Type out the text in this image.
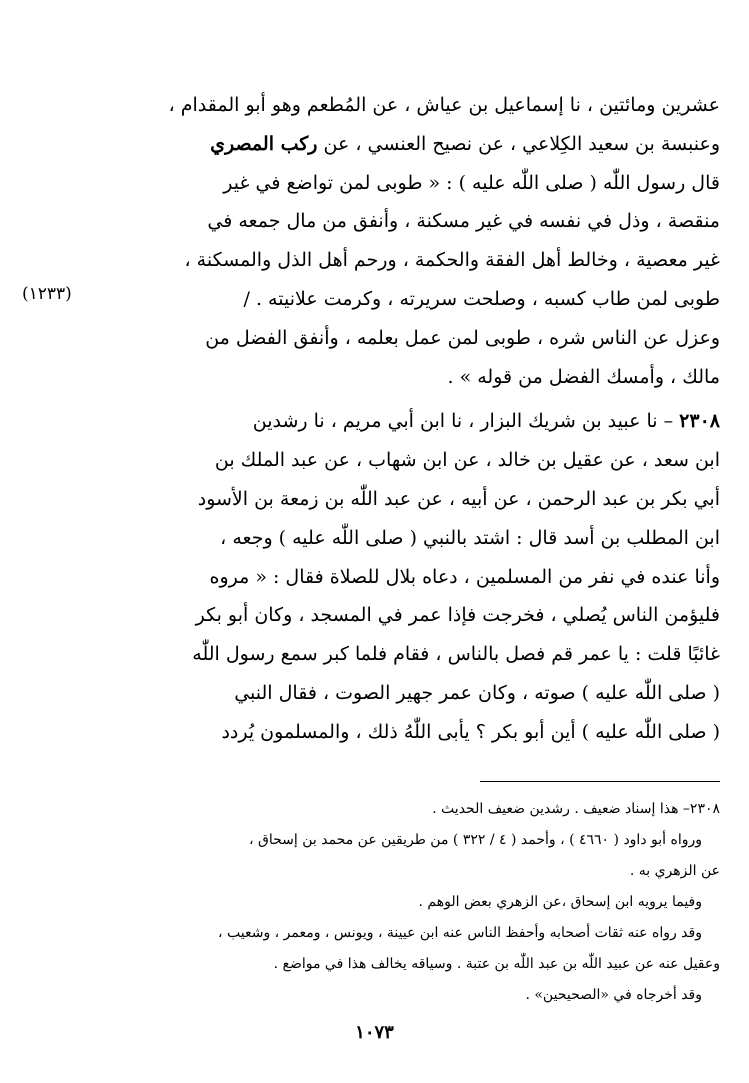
عشرين ومائتين ، نا إسماعيل بن عياش ، عن المُطعم وهو أبو المقدام ،
وعنبسة بن سعيد الكِلاعي ، عن نصيح العنسي ، عن ركب المصري
قال رسول اللّٰه ( صلى اللّٰه عليه ) : « طوبى لمن تواضع في غير
منقصة ، وذل في نفسه في غير مسكنة ، وأنفق من مال جمعه في
غير معصية ، وخالط أهل الفقة والحكمة ، ورحم أهل الذل والمسكنة ،
طوبى لمن طاب كسبه ، وصلحت سريرته ، وكرمت علانيته . /
وعزل عن الناس شره ، طوبى لمن عمل بعلمه ، وأنفق الفضل من
مالك ، وأمسك الفضل من قوله » .

٢٣٠٨ – نا عبيد بن شريك البزار ، نا ابن أبي مريم ، نا رشدين
ابن سعد ، عن عقيل بن خالد ، عن ابن شهاب ، عن عبد الملك بن
أبي بكر بن عبد الرحمن ، عن أبيه ، عن عبد اللّٰه بن زمعة بن الأسود
ابن المطلب بن أسد قال : اشتد بالنبي ( صلى اللّٰه عليه ) وجعه ،
وأنا عنده في نفر من المسلمين ، دعاه بلال للصلاة فقال : « مروه
فليؤمن الناس يُصلي ، فخرجت فإذا عمر في المسجد ، وكان أبو بكر
غائبًا قلت : يا عمر قم فصل بالناس ، فقام فلما كبر سمع رسول اللّٰه
( صلى اللّٰه عليه ) صوته ، وكان عمر جهير الصوت ، فقال النبي
( صلى اللّٰه عليه ) أين أبو بكر ؟ يأبى اللّٰهُ ذلك ، والمسلمون يُردد

(١٢٣٣)

٢٣٠٨– هذا إسناد ضعيف . رشدين ضعيف الحديث .

ورواه أبو داود ( ٤٦٦٠ ) ، وأحمد ( ٤ / ٣٢٢ ) من طريقين عن محمد بن إسحاق ،

عن الزهري به .

وفيما يرويه ابن إسحاق ،عن الزهري بعض الوهم .

وقد رواه عنه ثقات أصحابه وأحفظ الناس عنه ابن عيينة ، ويونس ، ومعمر ، وشعيب ،

وعقيل عنه عن عبيد اللّٰه بن عبد اللّٰه بن عتبة . وسياقه يخالف هذا في مواضع .

وقد أخرجاه في «الصحيحين» .

١٠٧٣
